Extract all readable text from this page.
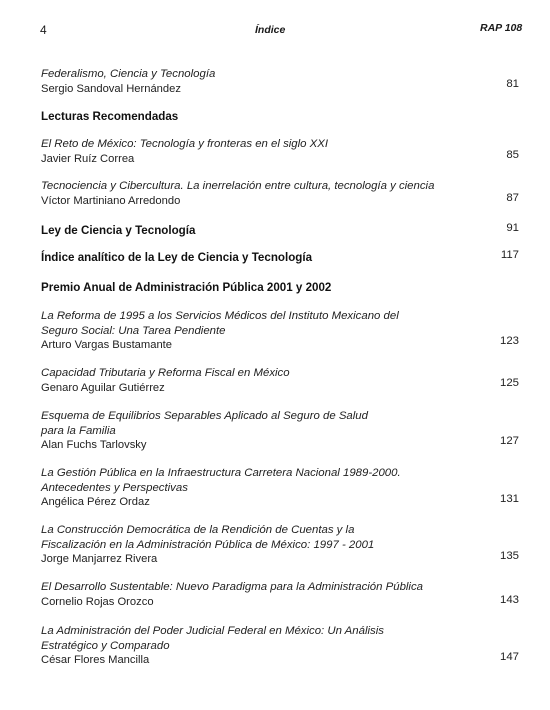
4	Índice	RAP 108
Federalismo, Ciencia y Tecnología
Sergio Sandoval Hernández	81
Lecturas Recomendadas
El Reto de México: Tecnología y fronteras en el siglo XXI
Javier Ruíz Correa	85
Tecnociencia y Cibercultura. La inerrelación entre cultura, tecnología y ciencia
Víctor Martiniano Arredondo	87
Ley de Ciencia y Tecnología	91
Índice analítico de la Ley de Ciencia y Tecnología	117
Premio Anual de Administración Pública 2001 y 2002
La Reforma de 1995 a los Servicios Médicos del Instituto Mexicano del
Seguro Social: Una Tarea Pendiente
Arturo Vargas Bustamante	123
Capacidad Tributaria y Reforma Fiscal en México
Genaro Aguilar Gutiérrez	125
Esquema de Equilibrios Separables Aplicado al Seguro de Salud
para la Familia
Alan Fuchs Tarlovsky	127
La Gestión Pública en la Infraestructura Carretera Nacional 1989-2000.
Antecedentes y Perspectivas
Angélica Pérez Ordaz	131
La Construcción Democrática de la Rendición de Cuentas y la
Fiscalización en la Administración Pública de México: 1997 - 2001
Jorge Manjarrez Rivera	135
El Desarrollo Sustentable: Nuevo Paradigma para la Administración Pública
Cornelio Rojas Orozco	143
La Administración del Poder Judicial Federal en México: Un Análisis
Estratégico y Comparado
César Flores Mancilla	147
